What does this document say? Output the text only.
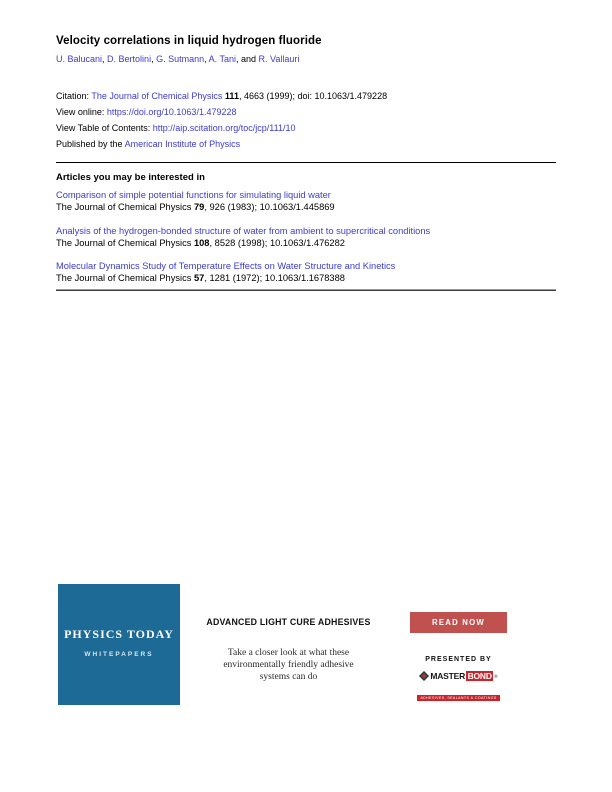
Velocity correlations in liquid hydrogen fluoride
U. Balucani, D. Bertolini, G. Sutmann, A. Tani, and R. Vallauri
Citation: The Journal of Chemical Physics 111, 4663 (1999); doi: 10.1063/1.479228
View online: https://doi.org/10.1063/1.479228
View Table of Contents: http://aip.scitation.org/toc/jcp/111/10
Published by the American Institute of Physics
Articles you may be interested in
Comparison of simple potential functions for simulating liquid water
The Journal of Chemical Physics 79, 926 (1983); 10.1063/1.445869
Analysis of the hydrogen-bonded structure of water from ambient to supercritical conditions
The Journal of Chemical Physics 108, 8528 (1998); 10.1063/1.476282
Molecular Dynamics Study of Temperature Effects on Water Structure and Kinetics
The Journal of Chemical Physics 57, 1281 (1972); 10.1063/1.1678388
PHYSICS TODAY
WHITEPAPERS
ADVANCED LIGHT CURE ADHESIVES
Take a closer look at what these
environmentally friendly adhesive
systems can do
READ NOW
PRESENTED BY
MASTER BOND ®

ADHESIVES, SEALANTS & COATINGS
